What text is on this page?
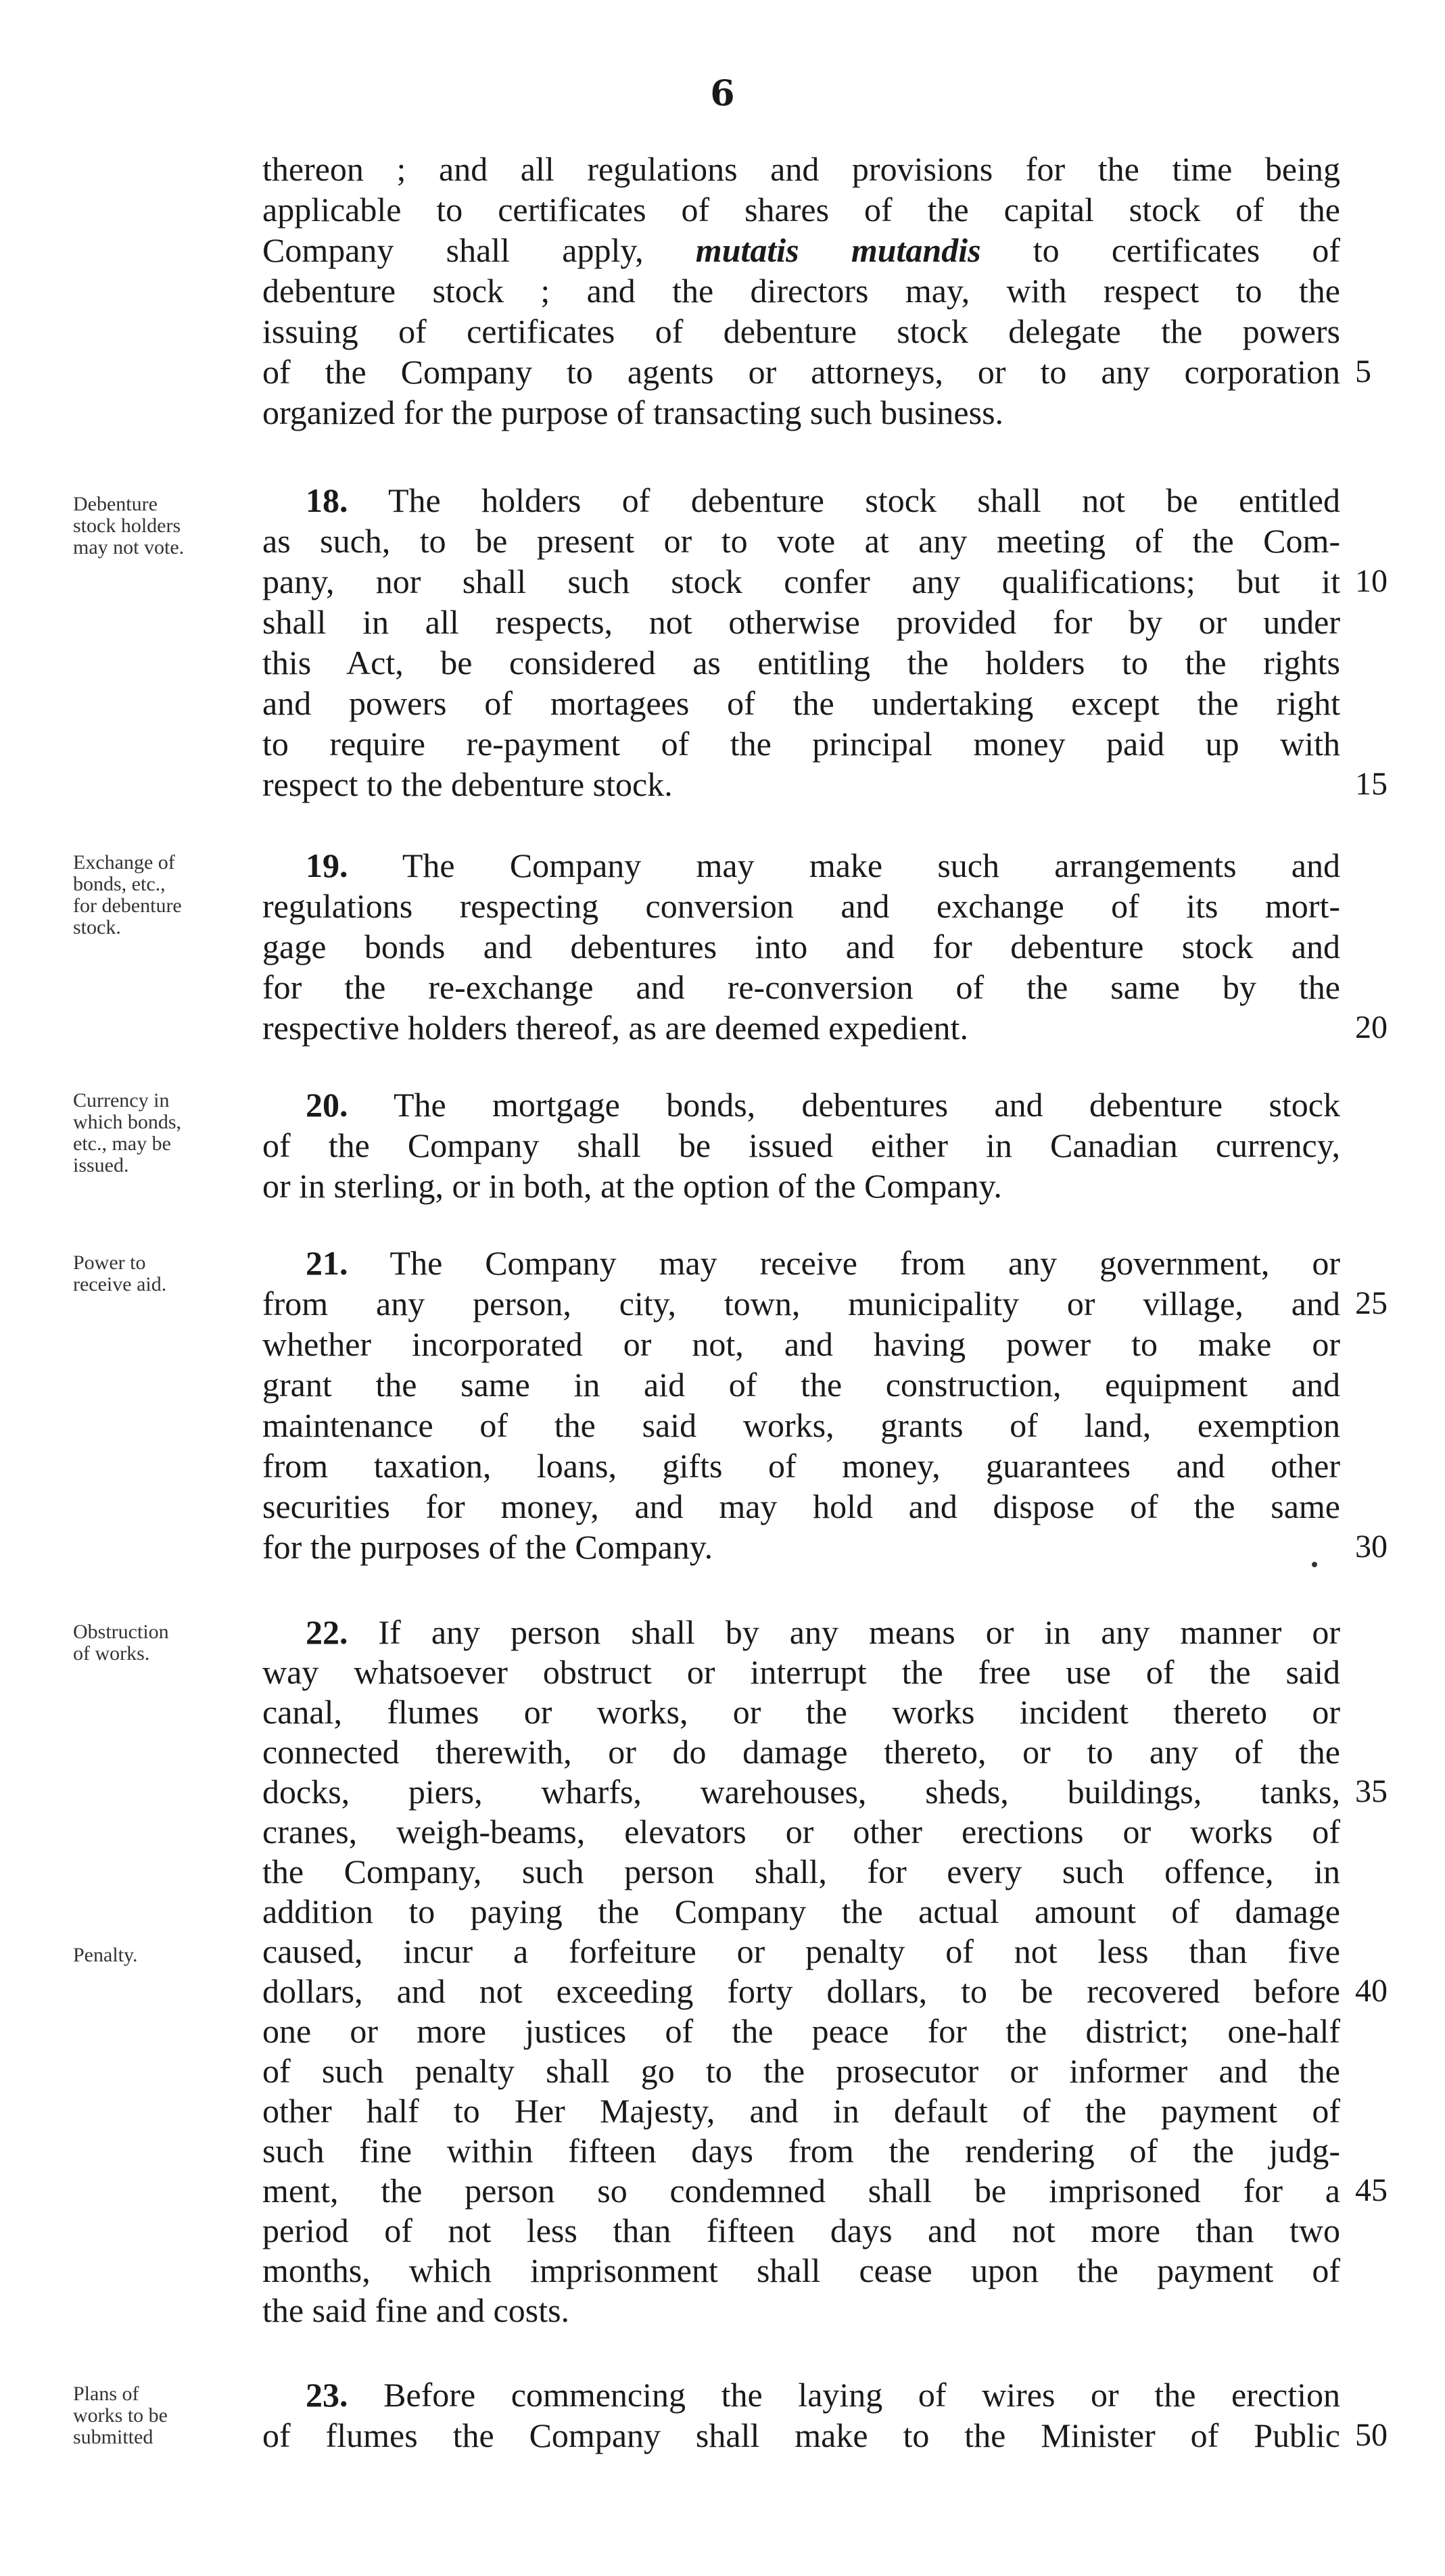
6
thereon ; and all regulations and provisions for the time being
applicable to certificates of shares of the capital stock of the
Company shall apply, mutatis mutandis to certificates of
debenture stock ; and the directors may, with respect to the
issuing of certificates of debenture stock delegate the powers
of the Company to agents or attorneys, or to any corporation
organized for the purpose of transacting such business.
Debenture
stock holders
may not vote.
18. The holders of debenture stock shall not be entitled
as such, to be present or to vote at any meeting of the Com-
pany, nor shall such stock confer any qualifications; but it
shall in all respects, not otherwise provided for by or under
this Act, be considered as entitling the holders to the rights
and powers of mortagees of the undertaking except the right
to require re-payment of the principal money paid up with
respect to the debenture stock.
Exchange of
bonds, etc.,
for debenture
stock.
19. The Company may make such arrangements and
regulations respecting conversion and exchange of its mort-
gage bonds and debentures into and for debenture stock and
for the re-exchange and re-conversion of the same by the
respective holders thereof, as are deemed expedient.
Currency in
which bonds,
etc., may be
issued.
20. The mortgage bonds, debentures and debenture stock
of the Company shall be issued either in Canadian currency,
or in sterling, or in both, at the option of the Company.
Power to
receive aid.
21. The Company may receive from any government, or
from any person, city, town, municipality or village, and
whether incorporated or not, and having power to make or
grant the same in aid of the construction, equipment and
maintenance of the said works, grants of land, exemption
from taxation, loans, gifts of money, guarantees and other
securities for money, and may hold and dispose of the same
for the purposes of the Company.
Obstruction
of works.
Penalty.
22. If any person shall by any means or in any manner or
way whatsoever obstruct or interrupt the free use of the said
canal, flumes or works, or the works incident thereto or
connected therewith, or do damage thereto, or to any of the
docks, piers, wharfs, warehouses, sheds, buildings, tanks,
cranes, weigh-beams, elevators or other erections or works of
the Company, such person shall, for every such offence, in
addition to paying the Company the actual amount of damage
caused, incur a forfeiture or penalty of not less than five
dollars, and not exceeding forty dollars, to be recovered before
one or more justices of the peace for the district; one-half
of such penalty shall go to the prosecutor or informer and the
other half to Her Majesty, and in default of the payment of
such fine within fifteen days from the rendering of the judg-
ment, the person so condemned shall be imprisoned for a
period of not less than fifteen days and not more than two
months, which imprisonment shall cease upon the payment of
the said fine and costs.
Plans of
works to be
submitted
23. Before commencing the laying of wires or the erection
of flumes the Company shall make to the Minister of Public
5
10
15
20
25
30
35
40
45
50
